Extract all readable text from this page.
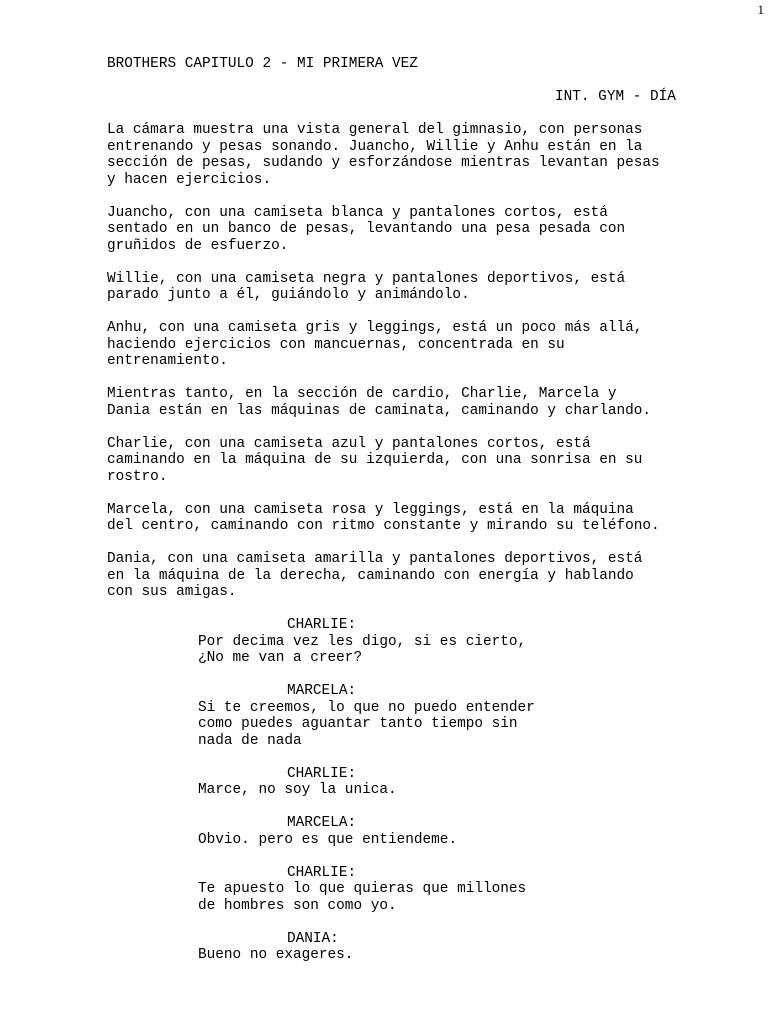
1
BROTHERS CAPITULO 2 - MI PRIMERA VEZ
INT. GYM - DÍA
La cámara muestra una vista general del gimnasio, con personas
entrenando y pesas sonando. Juancho, Willie y Anhu están en la
sección de pesas, sudando y esforzándose mientras levantan pesas
y hacen ejercicios.
Juancho, con una camiseta blanca y pantalones cortos, está
sentado en un banco de pesas, levantando una pesa pesada con
gruñidos de esfuerzo.
Willie, con una camiseta negra y pantalones deportivos, está
parado junto a él, guiándolo y animándolo.
Anhu, con una camiseta gris y leggings, está un poco más allá,
haciendo ejercicios con mancuernas, concentrada en su
entrenamiento.
Mientras tanto, en la sección de cardio, Charlie, Marcela y
Dania están en las máquinas de caminata, caminando y charlando.
Charlie, con una camiseta azul y pantalones cortos, está
caminando en la máquina de su izquierda, con una sonrisa en su
rostro.
Marcela, con una camiseta rosa y leggings, está en la máquina
del centro, caminando con ritmo constante y mirando su teléfono.
Dania, con una camiseta amarilla y pantalones deportivos, está
en la máquina de la derecha, caminando con energía y hablando
con sus amigas.
CHARLIE:
Por decima vez les digo, si es cierto,
¿No me van a creer?
MARCELA:
Si te creemos, lo que no puedo entender
como puedes aguantar tanto tiempo sin
nada de nada
CHARLIE:
Marce, no soy la unica.
MARCELA:
Obvio. pero es que entiendeme.
CHARLIE:
Te apuesto lo que quieras que millones
de hombres son como yo.
DANIA:
Bueno no exageres.
